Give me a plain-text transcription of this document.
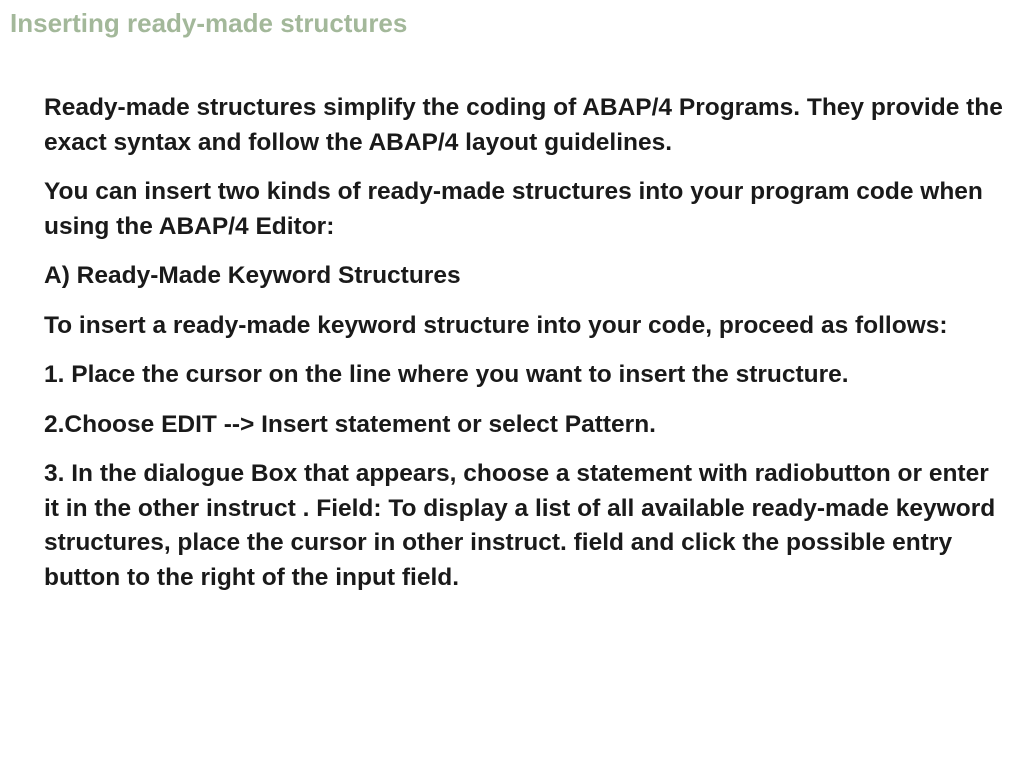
Inserting ready-made structures

Ready-made structures simplify the coding of ABAP/4 Programs. They provide the exact syntax and follow the ABAP/4 layout guidelines.

You can insert two kinds of ready-made structures into your program code when using the ABAP/4 Editor:

A) Ready-Made Keyword Structures

To insert a ready-made keyword structure into your code, proceed as follows:

1. Place the cursor on the line where you want to insert the structure.

2.Choose EDIT --> Insert statement or select Pattern.

3. In the dialogue Box that appears, choose a statement with radiobutton or enter it in the other instruct . Field: To display a list of all available ready-made keyword structures, place the cursor in other instruct. field and click the possible entry button to the right of the input field.
